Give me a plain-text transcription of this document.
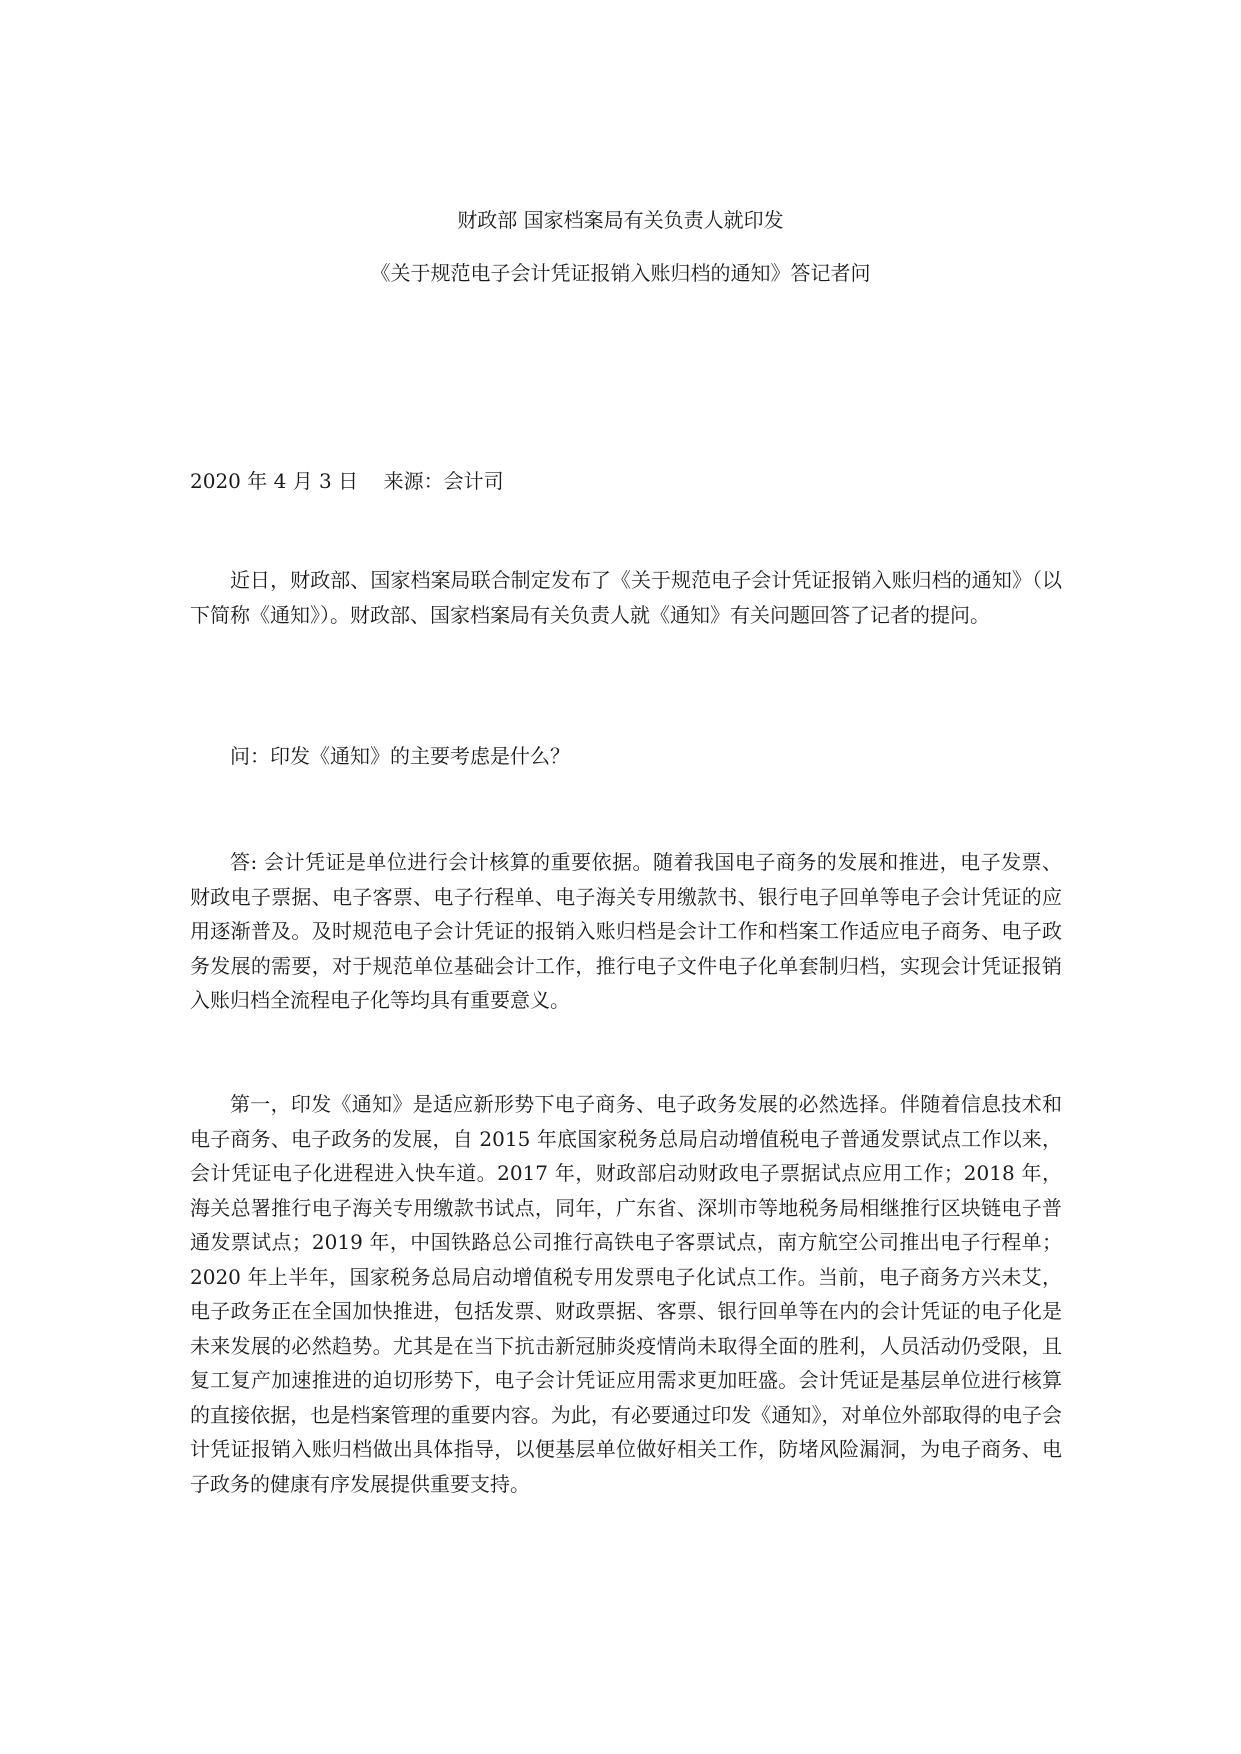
财政部 国家档案局有关负责人就印发
《关于规范电子会计凭证报销入账归档的通知》答记者问
2020 年 4 月 3 日    来源：会计司

近日，财政部、国家档案局联合制定发布了《关于规范电子会计凭证报销入账归档的通知》（以下简称《通知》）。财政部、国家档案局有关负责人就《通知》有关问题回答了记者的提问。

问：印发《通知》的主要考虑是什么？

答: 会计凭证是单位进行会计核算的重要依据。随着我国电子商务的发展和推进，电子发票、财政电子票据、电子客票、电子行程单、电子海关专用缴款书、银行电子回单等电子会计凭证的应用逐渐普及。及时规范电子会计凭证的报销入账归档是会计工作和档案工作适应电子商务、电子政务发展的需要，对于规范单位基础会计工作，推行电子文件电子化单套制归档，实现会计凭证报销入账归档全流程电子化等均具有重要意义。

第一，印发《通知》是适应新形势下电子商务、电子政务发展的必然选择。伴随着信息技术和电子商务、电子政务的发展，自 2015 年底国家税务总局启动增值税电子普通发票试点工作以来，会计凭证电子化进程进入快车道。2017 年，财政部启动财政电子票据试点应用工作；2018 年，海关总署推行电子海关专用缴款书试点，同年，广东省、深圳市等地税务局相继推行区块链电子普通发票试点；2019 年，中国铁路总公司推行高铁电子客票试点，南方航空公司推出电子行程单；2020 年上半年，国家税务总局启动增值税专用发票电子化试点工作。当前，电子商务方兴未艾，电子政务正在全国加快推进，包括发票、财政票据、客票、银行回单等在内的会计凭证的电子化是未来发展的必然趋势。尤其是在当下抗击新冠肺炎疫情尚未取得全面的胜利，人员活动仍受限，且复工复产加速推进的迫切形势下，电子会计凭证应用需求更加旺盛。会计凭证是基层单位进行核算的直接依据，也是档案管理的重要内容。为此，有必要通过印发《通知》，对单位外部取得的电子会计凭证报销入账归档做出具体指导，以便基层单位做好相关工作，防堵风险漏洞，为电子商务、电子政务的健康有序发展提供重要支持。
